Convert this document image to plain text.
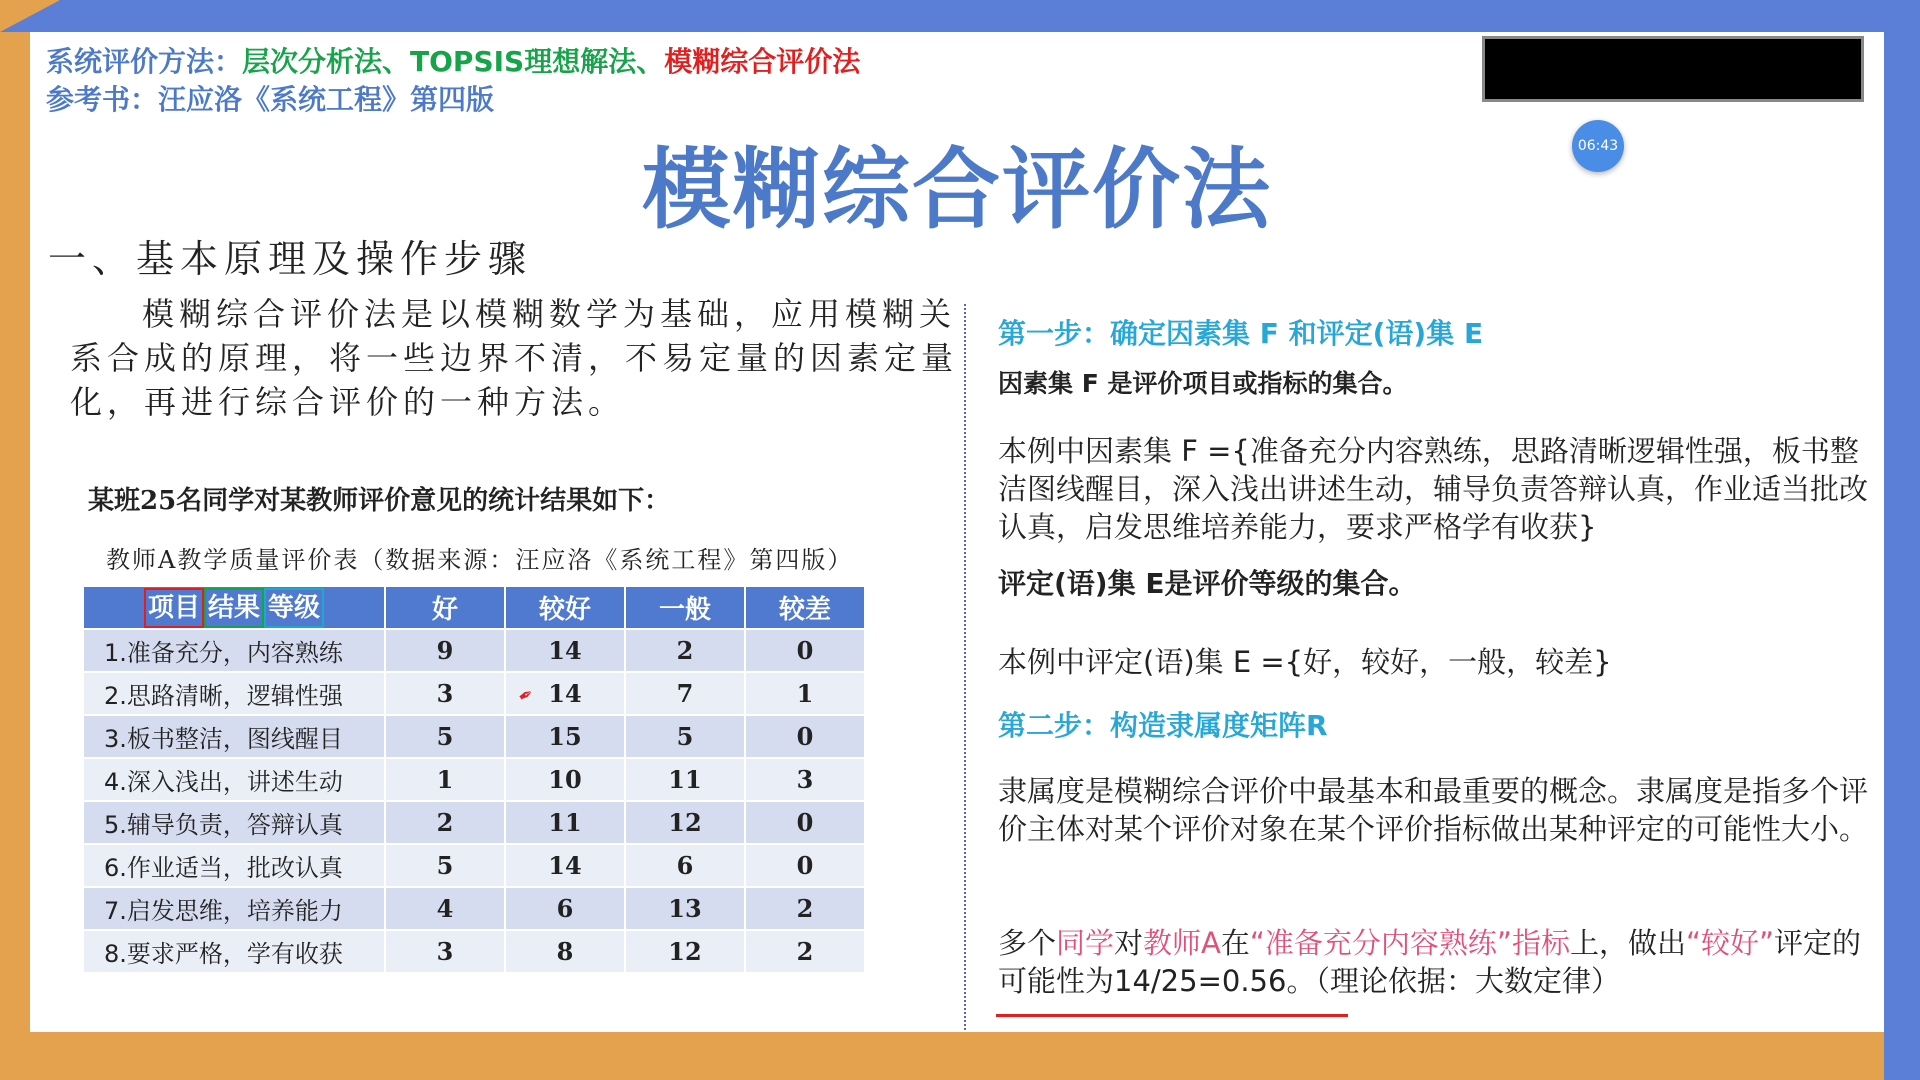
系统评价方法：层次分析法、TOPSIS理想解法、模糊综合评价法
参考书：汪应洛《系统工程》第四版
06:43
模糊综合评价法
一、基本原理及操作步骤
模糊综合评价法是以模糊数学为基础，应用模糊关系合成的原理，将一些边界不清，不易定量的因素定量化，再进行综合评价的一种方法。
某班25名同学对某教师评价意见的统计结果如下：
教师A教学质量评价表（数据来源：汪应洛《系统工程》第四版）
项目 结果 等级	好	较好	一般	较差
1.准备充分，内容熟练	9	14	2	0
2.思路清晰，逻辑性强	3	14	7	1
3.板书整洁，图线醒目	5	15	5	0
4.深入浅出，讲述生动	1	10	11	3
5.辅导负责，答辩认真	2	11	12	0
6.作业适当，批改认真	5	14	6	0
7.启发思维，培养能力	4	6	13	2
8.要求严格，学有收获	3	8	12	2
✒
第一步：确定因素集 F 和评定(语)集 E
因素集 F 是评价项目或指标的集合。
本例中因素集 F ={准备充分内容熟练，思路清晰逻辑性强，板书整洁图线醒目，深入浅出讲述生动，辅导负责答辩认真，作业适当批改认真，启发思维培养能力，要求严格学有收获}
评定(语)集 E是评价等级的集合。
本例中评定(语)集 E ={好，较好，一般，较差}
第二步：构造隶属度矩阵R
隶属度是模糊综合评价中最基本和最重要的概念。隶属度是指多个评价主体对某个评价对象在某个评价指标做出某种评定的可能性大小。
多个同学对教师A在“准备充分内容熟练”指标上，做出“较好”评定的可能性为14/25=0.56。（理论依据：大数定律）
